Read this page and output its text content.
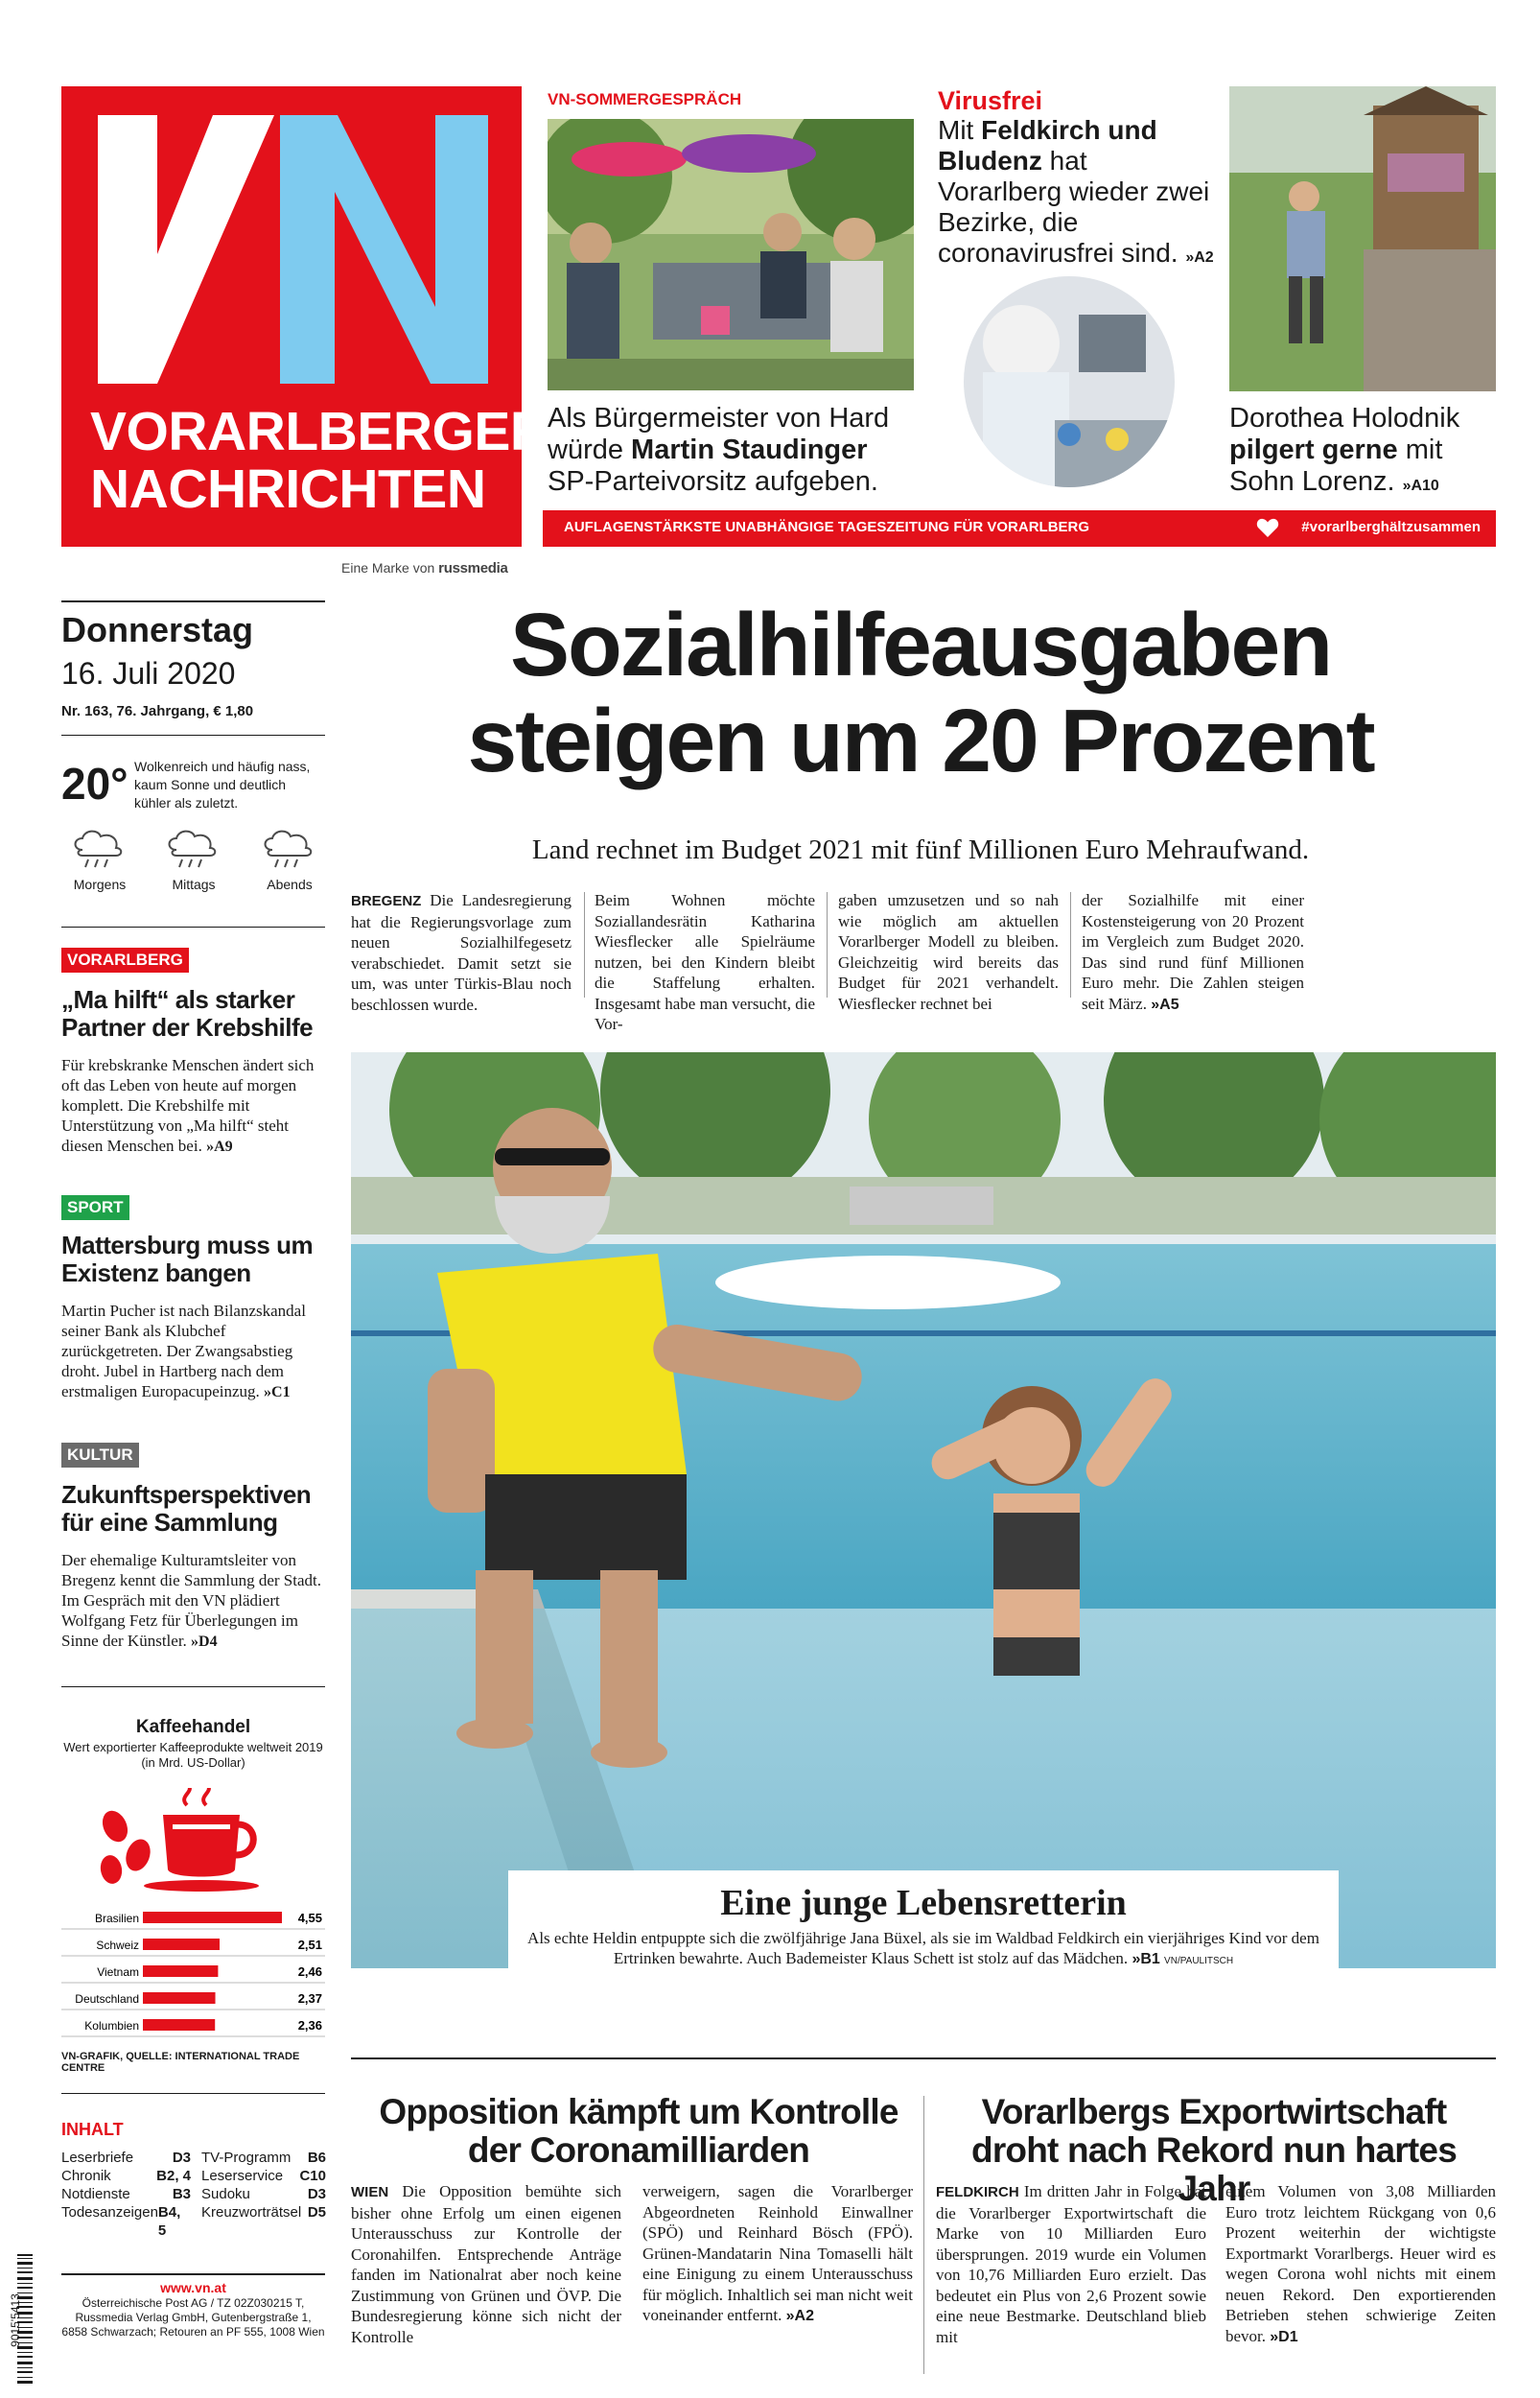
VORARLBERGER
NACHRICHTEN
Eine Marke von russmedia
VN-SOMMERGESPRÄCH
Als Bürgermeister von Hard würde Martin Staudinger SP-Parteivorsitz aufgeben.
Virusfrei
Mit Feldkirch und Bludenz hat Vorarlberg wieder zwei Bezirke, die coronavirusfrei sind. »A2
Dorothea Holodnik pilgert gerne mit Sohn Lorenz. »A10
AUFLAGENSTÄRKSTE UNABHÄNGIGE TAGESZEITUNG FÜR VORARLBERG	#vorarlberghältzusammen
Donnerstag
16. Juli 2020
Nr. 163, 76. Jahrgang, € 1,80
20° Wolkenreich und häufig nass, kaum Sonne und deutlich kühler als zuletzt.
Morgens	Mittags	Abends
VORARLBERG
„Ma hilft“ als starker Partner der Krebshilfe
Für krebskranke Menschen ändert sich oft das Leben von heute auf morgen komplett. Die Krebshilfe mit Unterstützung von „Ma hilft“ steht diesen Menschen bei. »A9
SPORT
Mattersburg muss um Existenz bangen
Martin Pucher ist nach Bilanzskandal seiner Bank als Klubchef zurückgetreten. Der Zwangsabstieg droht. Jubel in Hartberg nach dem erstmaligen Europacupeinzug. »C1
KULTUR
Zukunftsperspektiven für eine Sammlung
Der ehemalige Kulturamtsleiter von Bregenz kennt die Sammlung der Stadt. Im Gespräch mit den VN plädiert Wolfgang Fetz für Überlegungen im Sinne der Künstler. »D4
Kaffeehandel
Wert exportierter Kaffeeprodukte weltweit 2019
(in Mrd. US-Dollar)
Brasilien	4,55
Schweiz	2,51
Vietnam	2,46
Deutschland	2,37
Kolumbien	2,36
VN-GRAFIK, QUELLE: INTERNATIONAL TRADE CENTRE
INHALT
Leserbriefe	D3
Chronik	B2, 4
Notdienste	B3
Todesanzeigen B4, 5
TV-Programm B6
Leserservice C10
Sudoku	D3
Kreuzworträtsel D5
www.vn.at
Österreichische Post AG / TZ 02Z030215 T,
Russmedia Verlag GmbH, Gutenbergstraße 1,
6858 Schwarzach; Retouren an PF 555, 1008 Wien
9015'5413
Sozialhilfeausgaben
steigen um 20 Prozent
Land rechnet im Budget 2021 mit fünf Millionen Euro Mehraufwand.
BREGENZ Die Landesregierung hat die Regierungsvorlage zum neuen Sozialhilfegesetz verabschiedet. Damit setzt sie um, was unter Türkis-Blau noch beschlossen wurde.
Beim Wohnen möchte Soziallandesrätin Katharina Wiesflecker alle Spielräume nutzen, bei den Kindern bleibt die Staffelung erhalten. Insgesamt habe man versucht, die Vor-
gaben umzusetzen und so nah wie möglich am aktuellen Vorarlberger Modell zu bleiben. Gleichzeitig wird bereits das Budget für 2021 verhandelt. Wiesflecker rechnet bei
der Sozialhilfe mit einer Kostensteigerung von 20 Prozent im Vergleich zum Budget 2020. Das sind rund fünf Millionen Euro mehr. Die Zahlen steigen seit März. »A5
Eine junge Lebensretterin
Als echte Heldin entpuppte sich die zwölfjährige Jana Büxel, als sie im Waldbad Feldkirch ein vierjähriges Kind vor dem Ertrinken bewahrte. Auch Bademeister Klaus Schett ist stolz auf das Mädchen. »B1 VN/PAULITSCH
Opposition kämpft um Kontrolle
der Coronamilliarden
WIEN Die Opposition bemühte sich bisher ohne Erfolg um einen eigenen Unterausschuss zur Kontrolle der Coronahilfen. Entsprechende Anträge fanden im Nationalrat aber noch keine Zustimmung von Grünen und ÖVP. Die Bundesregierung könne sich nicht der Kontrolle
verweigern, sagen die Vorarlberger Abgeordneten Reinhold Einwallner (SPÖ) und Reinhard Bösch (FPÖ). Grünen-Mandatarin Nina Tomaselli hält eine Einigung zu einem Unterausschuss für möglich. Inhaltlich sei man nicht weit voneinander entfernt. »A2
Vorarlbergs Exportwirtschaft
droht nach Rekord nun hartes Jahr
FELDKIRCH Im dritten Jahr in Folge hat die Vorarlberger Exportwirtschaft die Marke von 10 Milliarden Euro übersprungen. 2019 wurde ein Volumen von 10,76 Milliarden Euro erzielt. Das bedeutet ein Plus von 2,6 Prozent sowie eine neue Bestmarke. Deutschland blieb mit
einem Volumen von 3,08 Milliarden Euro trotz leichtem Rückgang von 0,6 Prozent weiterhin der wichtigste Exportmarkt Vorarlbergs. Heuer wird es wegen Corona wohl nichts mit einem neuen Rekord. Den exportierenden Betrieben stehen schwierige Zeiten bevor. »D1
